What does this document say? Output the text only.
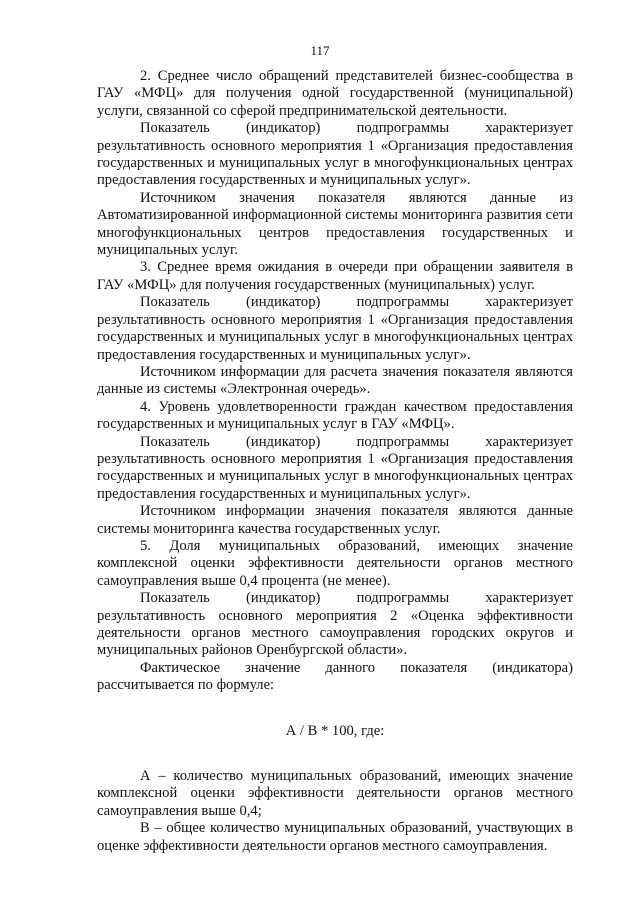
117

2. Среднее число обращений представителей бизнес-сообщества в ГАУ «МФЦ» для получения одной государственной (муниципальной) услуги, связанной со сферой предпринимательской деятельности.

Показатель (индикатор) подпрограммы характеризует результативность основного мероприятия 1 «Организация предоставления государственных и муниципальных услуг в многофункциональных центрах предоставления государственных и муниципальных услуг».

Источником значения показателя являются данные из Автоматизированной информационной системы мониторинга развития сети многофункциональных центров предоставления государственных и муниципальных услуг.

3. Среднее время ожидания в очереди при обращении заявителя в ГАУ «МФЦ» для получения государственных (муниципальных) услуг.

Показатель (индикатор) подпрограммы характеризует результативность основного мероприятия 1 «Организация предоставления государственных и муниципальных услуг в многофункциональных центрах предоставления государственных и муниципальных услуг».

Источником информации для расчета значения показателя являются данные из системы «Электронная очередь».

4. Уровень удовлетворенности граждан качеством предоставления государственных и муниципальных услуг в ГАУ «МФЦ».

Показатель (индикатор) подпрограммы характеризует результативность основного мероприятия 1 «Организация предоставления государственных и муниципальных услуг в многофункциональных центрах предоставления государственных и муниципальных услуг».

Источником информации значения показателя являются данные системы мониторинга качества государственных услуг.

5. Доля муниципальных образований, имеющих значение комплексной оценки эффективности деятельности органов местного самоуправления выше 0,4 процента (не менее).

Показатель (индикатор) подпрограммы характеризует результативность основного мероприятия 2 «Оценка эффективности деятельности органов местного самоуправления городских округов и муниципальных районов Оренбургской области».

Фактическое значение данного показателя (индикатора) рассчитывается по формуле:

А / В * 100, где:

А – количество муниципальных образований, имеющих значение комплексной оценки эффективности деятельности органов местного самоуправления выше 0,4;

В – общее количество муниципальных образований, участвующих в оценке эффективности деятельности органов местного самоуправления.
